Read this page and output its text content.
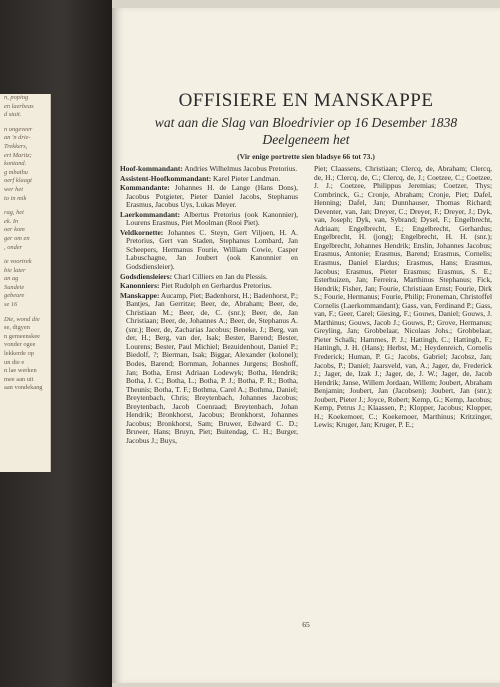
n, poping
en laerbeas
d stuit.
n ongeveer
an 'n drie-
Trekkers,
ert Maritz;
kontand.
g mbathu
oerf klaagt
wer het
to in mik
rag, het
ek. In
oer kom
ger om en
, onder
ie voortrek
bie later
an ag
Sundeie
gebeure
se 16
Die, wond die
se, digyen
n gemeenskee
vonder ogee
lekkerde op
un die e
n lae werken
mee aan uit
aan vondekang
OFFISIERE EN MANSKAPPE

wat aan die Slag van Bloedrivier op 16 Desember 1838

Deelgeneem het

(Vir enige portrette sien bladsye 66 tot 73.)

Hoof-kommandant: Andries Wilhelmus Jacobus Pretorius.

Assistent-Hoofkommandant: Karel Pieter Landman.

Kommandante: Johannes H. de Lange (Hans Dons), Jacobus Potgieter, Pieter Daniel Jacobs, Stephanus Erasmus, Jacobus Uys, Lukas Meyer.

Laerkommandant: Albertus Pretorius (ook Kanonnier), Lourens Erasmus, Piet Moolman (Rooi Piet).

Veldkornette: Johannes C. Steyn, Gert Viljoen, H. A. Pretorius, Gert van Staden, Stephanus Lombard, Jan Scheepers, Hermanus Fourie, William Cowie, Casper Labuschagne, Jan Joubert (ook Kanonnier en Godsdiensleier).

Godsdiensleiers: Charl Cilliers en Jan du Plessis.

Kanonniers: Piet Rudolph en Gerhardus Pretorius.

Manskappe: Aucamp, Piet; Badenhorst, H.; Badenhorst, P.; Bantjes, Jan Gerritze; Beer, de, Abraham; Beer, de, Christiaan M.; Beer, de, C. (snr.); Beer, de, Jan Christiaan; Beer, de, Johannes A.; Beer, de, Stephanus A. (snr.); Beer, de, Zacharias Jacobus; Beneke, J.; Berg, van der, H.; Berg, van der, Isak; Bester, Barend; Bester, Lourens; Bester, Paul Michiel; Bezuidenhout, Daniel P.; Biedolf, ?; Bierman, Isak; Biggar, Alexander (kolonel); Bodes, Barend; Bornman, Johannes Jurgens; Boshoff, Jan; Botha, Ernst Adriaan Lodewyk; Botha, Hendrik; Botha, J. C.; Botha, L.; Botha, P. J.; Botha, P. R.; Botha, Theunis; Botha, T. F.; Bothma, Carel A.; Bothma, Daniel; Breytenbach, Chris; Breytenbach, Johannes Jacobus; Breytenbach, Jacob Coenraad; Breytenbach, Johan Hendrik; Bronkhorst, Jacobus; Bronkhorst, Johannes Jacobus; Bronkhorst, Sam; Bruwer, Edward C. D.; Bruwer, Hans; Bruyn, Piet; Buitendag, C. H.; Burger, Jacobus J.; Buys,

Piet; Claassens, Christiaan; Clercq, de, Abraham; Clercq, de, H.; Clercq, de, C.; Clercq, de, J.; Coetzee, C.; Coetzee, J. J.; Coetzee, Philippus Jeremias; Coetzer, Thys; Combrinck, G.; Cronje, Abraham; Cronje, Piet; Dafel, Henning; Dafel, Jan; Dunnhauser, Thomas Richard; Deventer, van, Jan; Dreyer, C.; Dreyer, F.; Dreyer, J.; Dyk, van, Joseph; Dyk, van, Sybrand; Dysel, F.; Engelbrecht, Adriaan; Engelbrecht, E.; Engelbrecht, Gerhardus; Engelbrecht, H. (jong); Engelbrecht, H. H. (snr.); Engelbrecht, Johannes Hendrik; Enslin, Johannes Jacobus; Erasmus, Antonie; Erasmus, Barend; Erasmus, Cornelis; Erasmus, Daniel Elardus; Erasmus, Hans; Erasmus, Jacobus; Erasmus, Pieter Erasmus; Erasmus, S. E.; Esterhuizen, Jan; Ferreira, Marthinus Stephanus; Fick, Hendrik; Fisher, Jan; Fourie, Christiaan Ernst; Fourie, Dirk S.; Fourie, Hermanus; Fourie, Philip; Froneman, Christoffel Cornelis (Laerkommandant); Gass, van, Ferdinand P.; Gass, van, F.; Geer, Carel; Giesing, F.; Gouws, Daniel; Gouws, J. Marthinus; Gouws, Jacob J.; Gouws, P.; Grove, Hermanus; Greyling, Jan; Grobbelaar, Nicolaas Johs.; Grobbelaar, Pieter Schalk; Hammes, P. J.; Hattingh, C.; Hattingh, F.; Hattingh, J. H. (Hans); Herbst, M.; Heydenreich, Cornelis Frederick; Human, P. G.; Jacobs, Gabriel; Jacobsz, Jan; Jacobs, P.; Daniel; Jaarsveld, van, A.; Jager, de, Frederick J.; Jager, de, Izak J.; Jager, de, J. W.; Jager, de, Jacob Hendrik; Janse, Willem Jordaan, Willem; Joubert, Abraham Benjamin; Joubert, Jan (Jacobsen); Joubert, Jan (snr.); Joubert, Pieter J.; Joyce, Robert; Kemp, G.; Kemp, Jacobus; Kemp, Petrus J.; Klaassen, P.; Klopper, Jacobus; Klopper, H.; Koekemoer, C.; Koekemoer, Marthinus; Kritzinger, Lewis; Kruger, Jan; Kruger, P. E.;
65
